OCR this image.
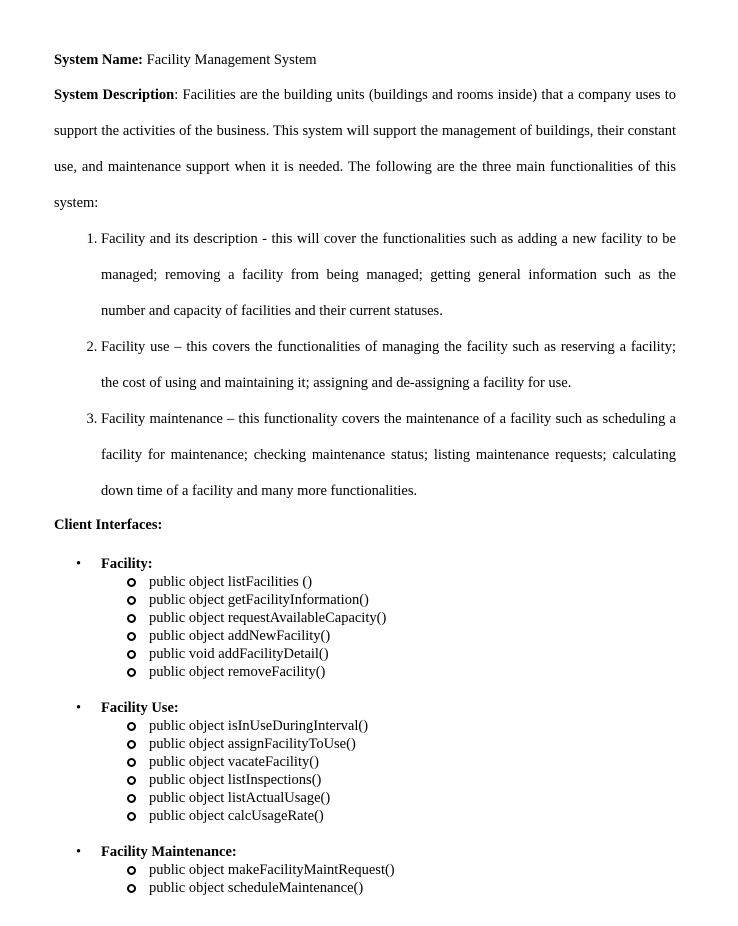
System Name: Facility Management System

System Description: Facilities are the building units (buildings and rooms inside) that a company uses to support the activities of the business. This system will support the management of buildings, their constant use, and maintenance support when it is needed. The following are the three main functionalities of this system:

1. Facility and its description - this will cover the functionalities such as adding a new facility to be managed; removing a facility from being managed; getting general information such as the number and capacity of facilities and their current statuses.
2. Facility use – this covers the functionalities of managing the facility such as reserving a facility; the cost of using and maintaining it; assigning and de-assigning a facility for use.
3. Facility maintenance – this functionality covers the maintenance of a facility such as scheduling a facility for maintenance; checking maintenance status; listing maintenance requests; calculating down time of a facility and many more functionalities.

Client Interfaces:

• Facility:
public object listFacilities ()
public object getFacilityInformation()
public object requestAvailableCapacity()
public object addNewFacility()
public void addFacilityDetail()
public object removeFacility()
• Facility Use:
public object isInUseDuringInterval()
public object assignFacilityToUse()
public object vacateFacility()
public object listInspections()
public object listActualUsage()
public object calcUsageRate()
• Facility Maintenance:
public object makeFacilityMaintRequest()
public object scheduleMaintenance()
